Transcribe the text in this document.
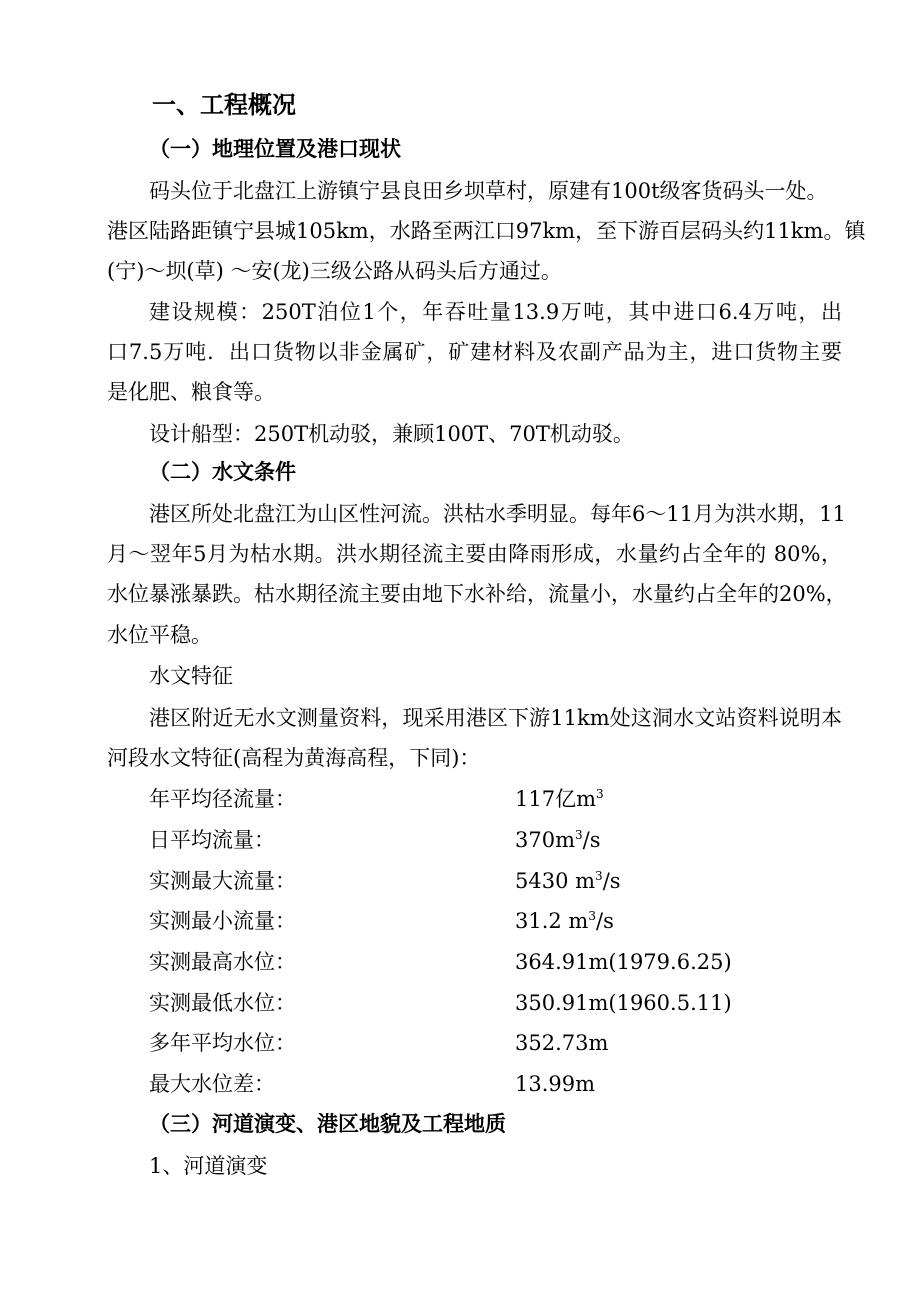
一、工程概况
（一）地理位置及港口现状
码头位于北盘江上游镇宁县良田乡坝草村，原建有100t级客货码头一处。
港区陆路距镇宁县城105km，水路至两江口97km，至下游百层码头约11km。镇
(宁)～坝(草) ～安(龙)三级公路从码头后方通过。
建设规模：250T泊位1个，年吞吐量13.9万吨，其中进口6.4万吨，出
口7.5万吨．出口货物以非金属矿，矿建材料及农副产品为主，进口货物主要
是化肥、粮食等。
设计船型：250T机动驳，兼顾100T、70T机动驳。
（二）水文条件
港区所处北盘江为山区性河流。洪枯水季明显。每年6～11月为洪水期，11
月～翌年5月为枯水期。洪水期径流主要由降雨形成，水量约占全年的 80%，
水位暴涨暴跌。枯水期径流主要由地下水补给，流量小，水量约占全年的20%，
水位平稳。
水文特征
港区附近无水文测量资料，现采用港区下游11km处这洞水文站资料说明本
河段水文特征(高程为黄海高程，下同)：
年平均径流量：	117亿$m^3$
日平均流量：	$370m^3/s$
实测最大流量：	5430 $m^3/s$
实测最小流量：	31.2 $m^3/s$
实测最高水位：	364.91m(1979.6.25)
实测最低水位：	350.91m(1960.5.11)
多年平均水位：	352.73m
最大水位差：	13.99m
（三）河道演变、港区地貌及工程地质
1、河道演变
